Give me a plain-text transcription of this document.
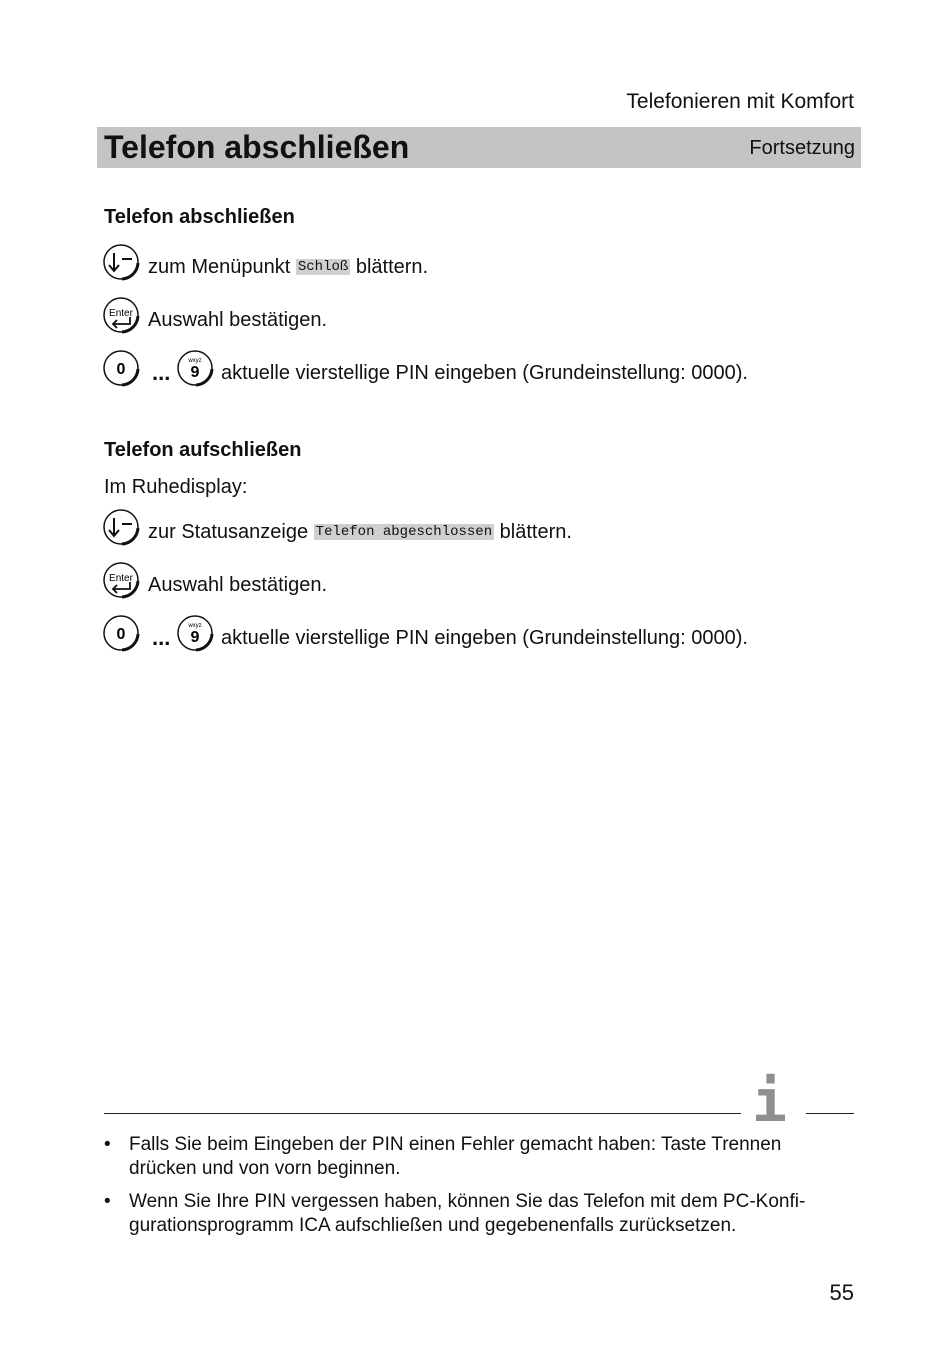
Telefonieren mit Komfort
Telefon abschließen	Fortsetzung
Telefon abschließen
zum Menüpunkt Schloß blättern.
Enter Auswahl bestätigen.
0 ...	wxyz
9 aktuelle vierstellige PIN eingeben (Grundeinstellung: 0000).
Telefon aufschließen
Im Ruhedisplay:
zur Statusanzeige Telefon abgeschlossen blättern.
Enter Auswahl bestätigen.
0 ...	wxyz
9 aktuelle vierstellige PIN eingeben (Grundeinstellung: 0000).
i
• Falls Sie beim Eingeben der PIN einen Fehler gemacht haben: Taste Trennen drücken und von vorn beginnen.
• Wenn Sie Ihre PIN vergessen haben, können Sie das Telefon mit dem PC-Konfi-gurationsprogramm ICA aufschließen und gegebenenfalls zurücksetzen.
55
